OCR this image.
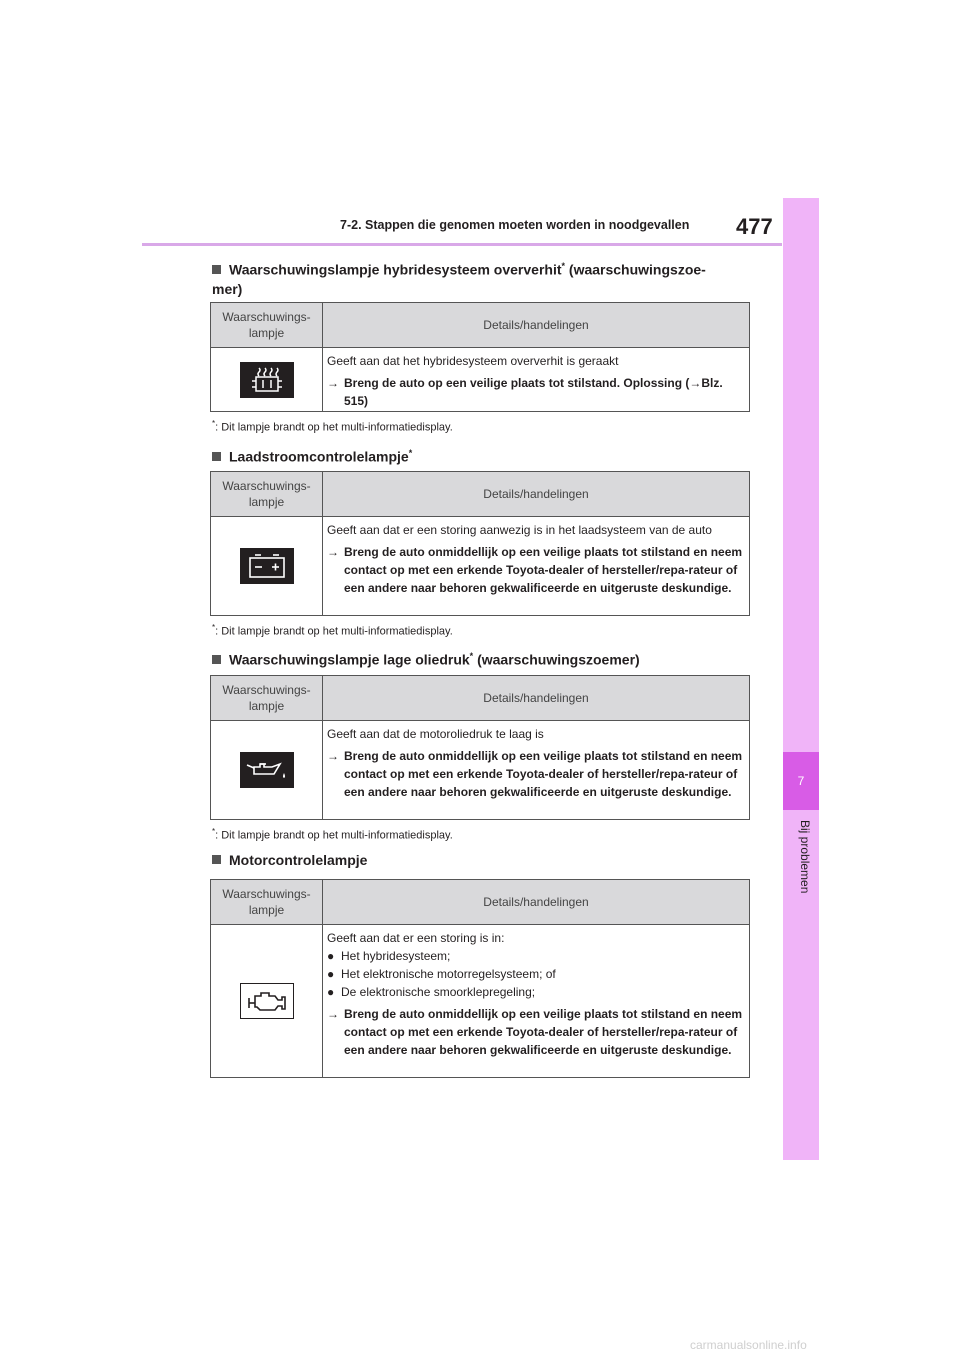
7-2. Stappen die genomen moeten worden in noodgevallen	477
7
Bij problemen
Waarschuwingslampje hybridesysteem oververhit* (waarschuwingszoe-mer)
Waarschuwings-lampje
Details/handelingen
Geeft aan dat het hybridesysteem oververhit is geraakt
→ Breng de auto op een veilige plaats tot stilstand. Oplossing (→Blz. 515)
*: Dit lampje brandt op het multi-informatiedisplay.
Laadstroomcontrolelampje*
Waarschuwings-lampje
Details/handelingen
Geeft aan dat er een storing aanwezig is in het laadsysteem van de auto
→ Breng de auto onmiddellijk op een veilige plaats tot stilstand en neem contact op met een erkende Toyota-dealer of hersteller/repa-rateur of een andere naar behoren gekwalificeerde en uitgeruste deskundige.
*: Dit lampje brandt op het multi-informatiedisplay.
Waarschuwingslampje lage oliedruk* (waarschuwingszoemer)
Waarschuwings-lampje
Details/handelingen
Geeft aan dat de motoroliedruk te laag is
→ Breng de auto onmiddellijk op een veilige plaats tot stilstand en neem contact op met een erkende Toyota-dealer of hersteller/repa-rateur of een andere naar behoren gekwalificeerde en uitgeruste deskundige.
*: Dit lampje brandt op het multi-informatiedisplay.
Motorcontrolelampje
Waarschuwings-lampje
Details/handelingen
Geeft aan dat er een storing is in:
● Het hybridesysteem;
● Het elektronische motorregelsysteem; of
● De elektronische smoorklepregeling;
→ Breng de auto onmiddellijk op een veilige plaats tot stilstand en neem contact op met een erkende Toyota-dealer of hersteller/repa-rateur of een andere naar behoren gekwalificeerde en uitgeruste deskundige.
carmanualsonline.info
